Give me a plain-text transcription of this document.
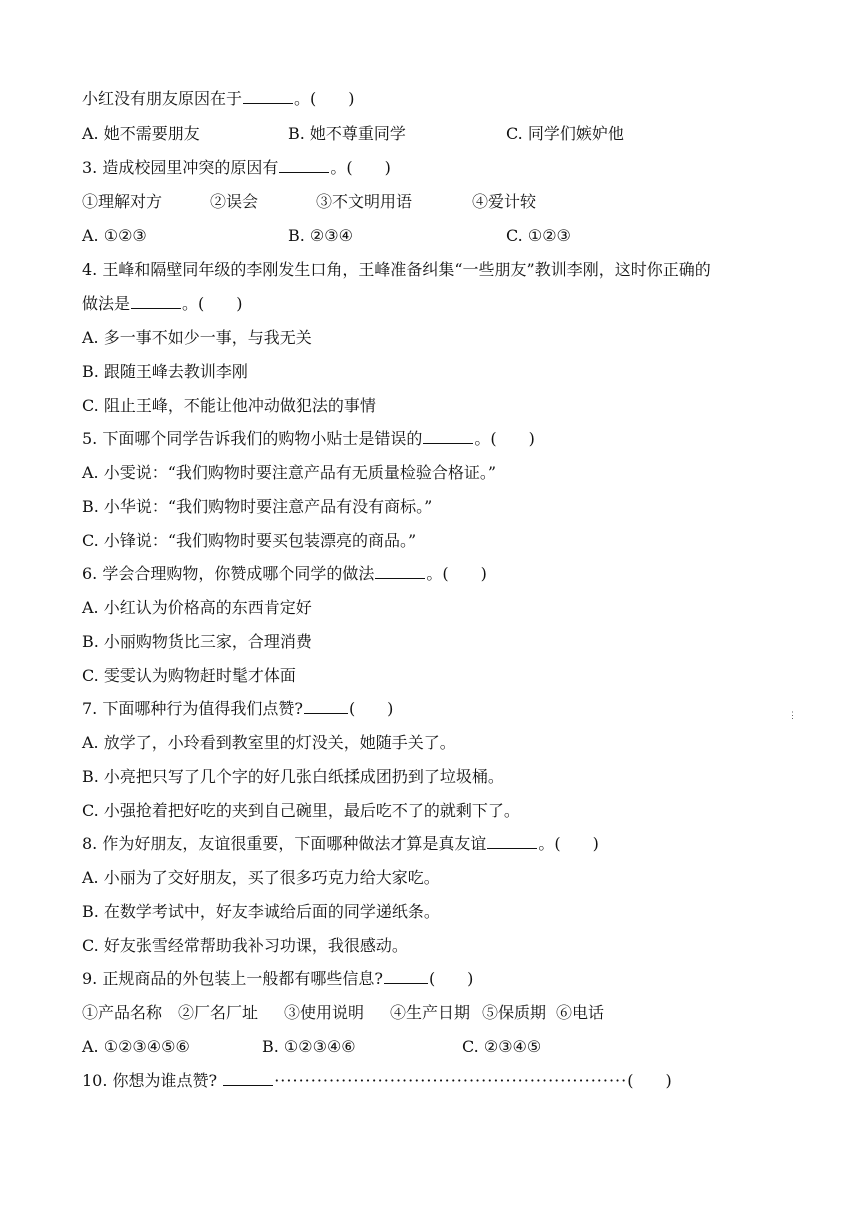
小红没有朋友原因在于	。(　　)
A. 她不需要朋友	B. 她不尊重同学	C. 同学们嫉妒他
3. 造成校园里冲突的原因有	。(　　)
①理解对方	②误会	③不文明用语	④爱计较
A. ①②③	B. ②③④	C. ①②③
4. 王峰和隔壁同年级的李刚发生口角，王峰准备纠集“一些朋友”教训李刚，这时你正确的
做法是	。(　　)
A. 多一事不如少一事，与我无关
B. 跟随王峰去教训李刚
C. 阻止王峰，不能让他冲动做犯法的事情
5. 下面哪个同学告诉我们的购物小贴士是错误的	。(　　)
A. 小雯说：“我们购物时要注意产品有无质量检验合格证。”
B. 小华说：“我们购物时要注意产品有没有商标。”
C. 小锋说：“我们购物时要买包装漂亮的商品。”
6. 学会合理购物，你赞成哪个同学的做法	。(　　)
A. 小红认为价格高的东西肯定好
B. 小丽购物货比三家，合理消费
C. 雯雯认为购物赶时髦才体面
7. 下面哪种行为值得我们点赞?	(　　)
A. 放学了，小玲看到教室里的灯没关，她随手关了。
B. 小亮把只写了几个字的好几张白纸揉成团扔到了垃圾桶。
C. 小强抢着把好吃的夹到自己碗里，最后吃不了的就剩下了。
8. 作为好朋友，友谊很重要，下面哪种做法才算是真友谊	。(　　)
A. 小丽为了交好朋友，买了很多巧克力给大家吃。
B. 在数学考试中，好友李诚给后面的同学递纸条。
C. 好友张雪经常帮助我补习功课，我很感动。
9. 正规商品的外包装上一般都有哪些信息?	(　　)
①产品名称 ②厂名厂址 ③使用说明 ④生产日期 ⑤保质期 ⑥电话
A. ①②③④⑤⑥	B. ①②③④⑥	C. ②③④⑤
10. 你想为谁点赞?	··························································(　　)
⋮
